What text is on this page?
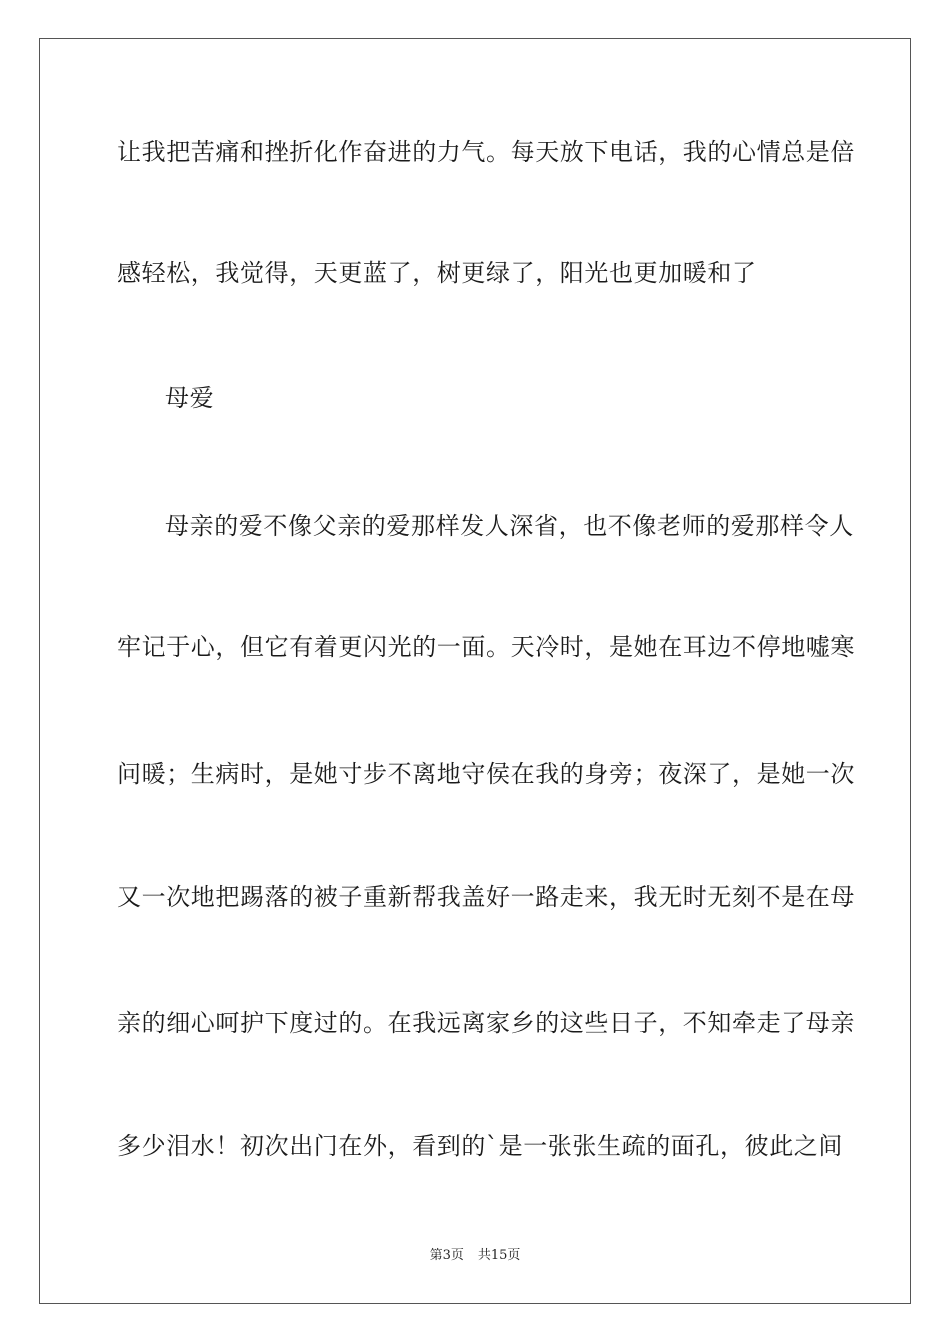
让我把苦痛和挫折化作奋进的力气。每天放下电话，我的心情总是倍
感轻松，我觉得，天更蓝了，树更绿了，阳光也更加暖和了
母爱
母亲的爱不像父亲的爱那样发人深省，也不像老师的爱那样令人
牢记于心，但它有着更闪光的一面。天冷时，是她在耳边不停地嘘寒
问暖；生病时，是她寸步不离地守侯在我的身旁；夜深了，是她一次
又一次地把踢落的被子重新帮我盖好一路走来，我无时无刻不是在母
亲的细心呵护下度过的。在我远离家乡的这些日子，不知牵走了母亲
多少泪水！初次出门在外，看到的`是一张张生疏的面孔，彼此之间
第3页 共15页
